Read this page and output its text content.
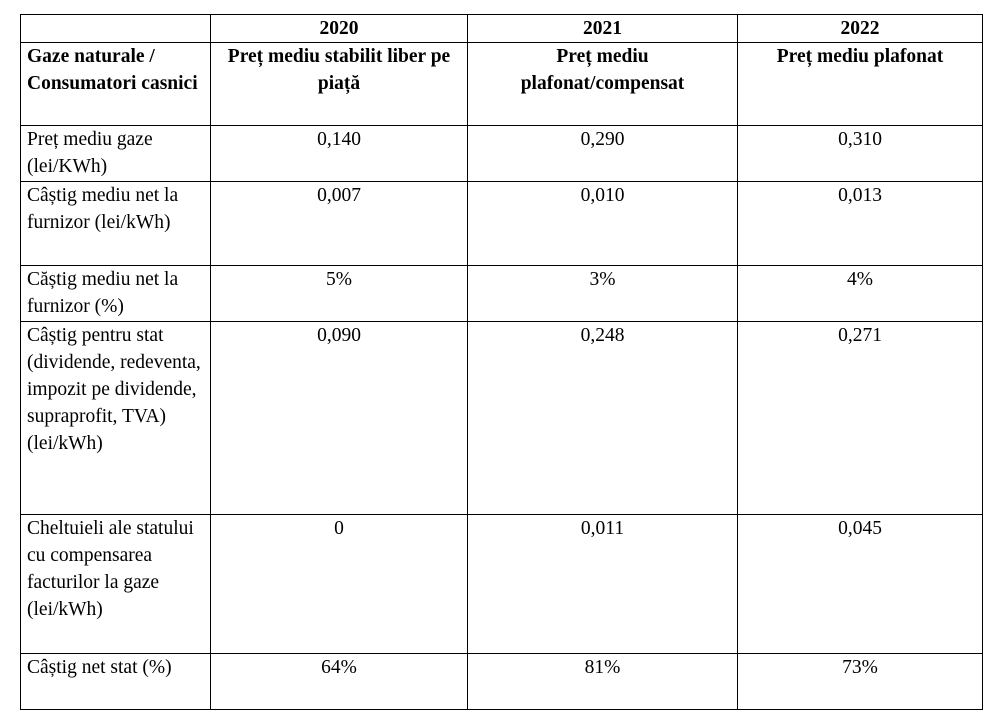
	2020	2021	2022
Gaze naturale / Consumatori casnici	Preț mediu stabilit liber pe piață	Preț mediu plafonat/compensat	Preț mediu plafonat
Preț mediu gaze (lei/KWh)	0,140	0,290	0,310
Câștig mediu net la furnizor (lei/kWh)	0,007	0,010	0,013
Căștig mediu net la furnizor (%)	5%	3%	4%
Câștig pentru stat (dividende, redeventa, impozit pe dividende, supraprofit, TVA) (lei/kWh)	0,090	0,248	0,271
Cheltuieli ale statului cu compensarea facturilor la gaze (lei/kWh)	0	0,011	0,045
Câștig net stat (%)	64%	81%	73%
